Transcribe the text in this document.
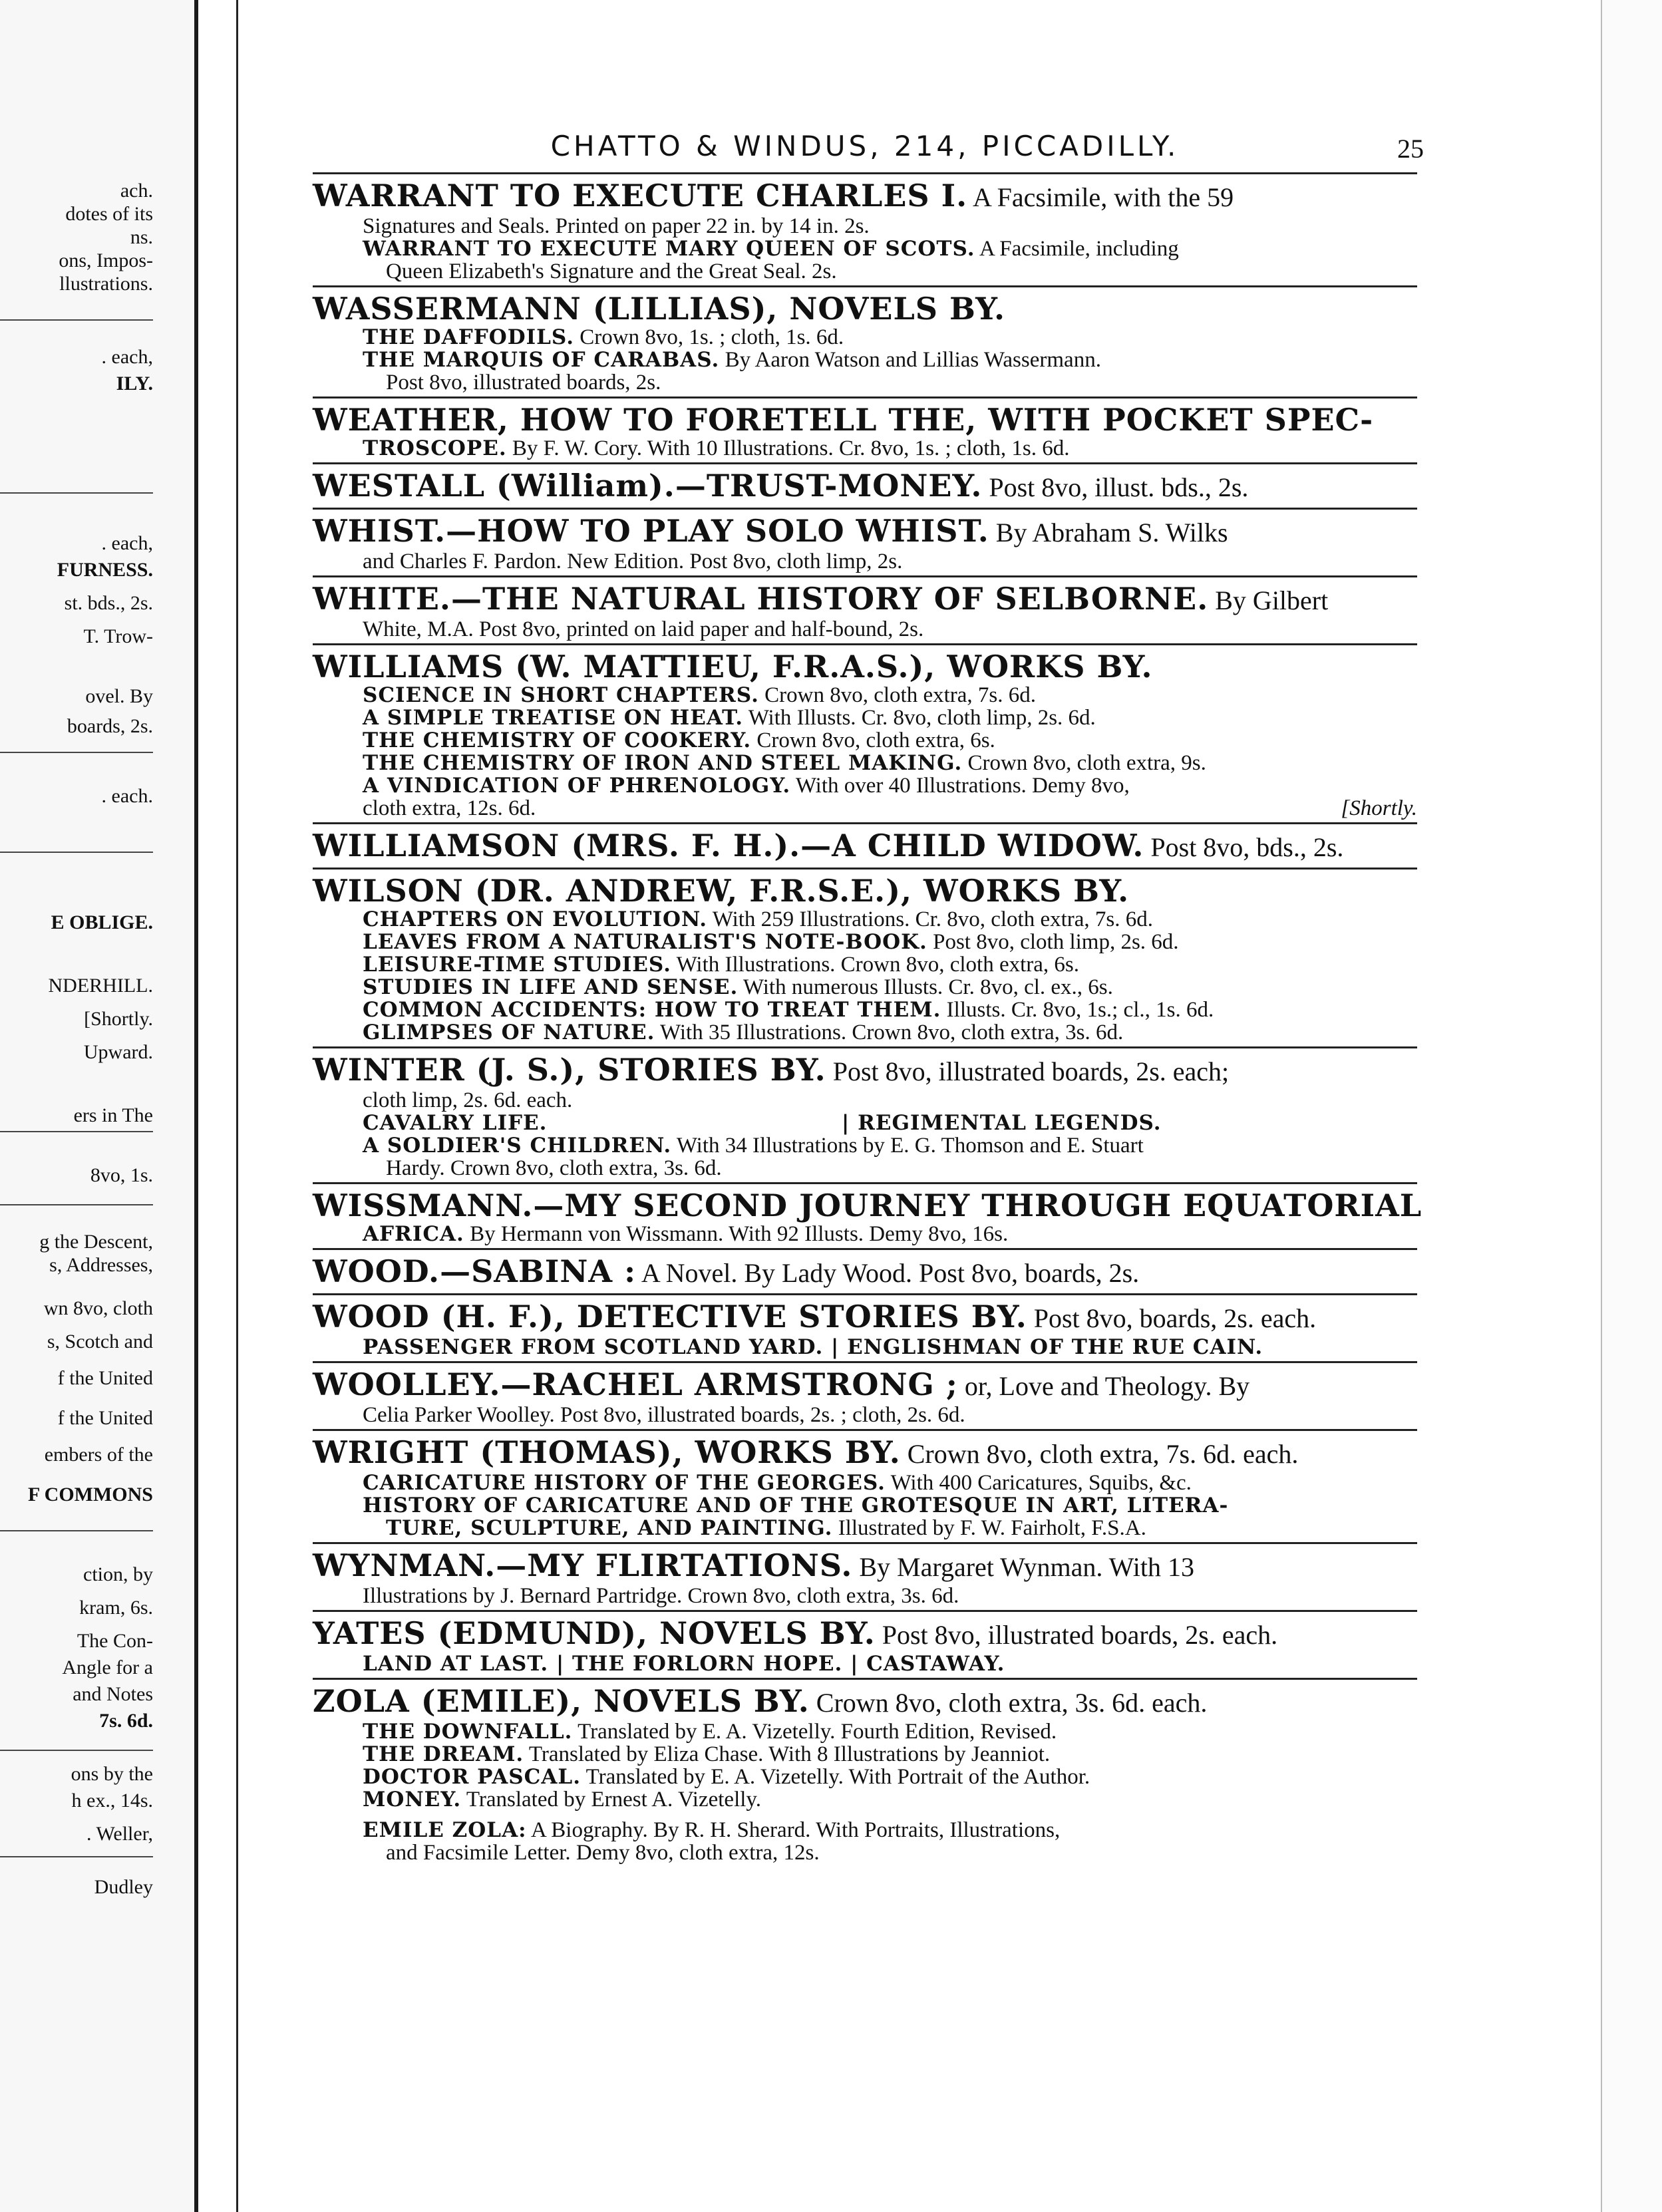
ach.
dotes of its
ns.
ons, Impos-
llustrations.
. each,
ILY.
. each,
FURNESS.
st. bds., 2s.
T. Trow-
ovel. By
boards, 2s.
. each.
E OBLIGE.
NDERHILL.
[Shortly.
Upward.
ers in The
8vo, 1s.
g the Descent,
s, Addresses,
wn 8vo, cloth
s, Scotch and
f the United
f the United
embers of the
F COMMONS
ction, by
kram, 6s.
The Con-
Angle for a
and Notes
7s. 6d.
ons by the
h ex., 14s.
. Weller,
Dudley
CHATTO & WINDUS, 214, PICCADILLY.	25
WARRANT TO EXECUTE CHARLES I. A Facsimile, with the 59
Signatures and Seals. Printed on paper 22 in. by 14 in. 2s.
WARRANT TO EXECUTE MARY QUEEN OF SCOTS. A Facsimile, including
Queen Elizabeth's Signature and the Great Seal. 2s.
WASSERMANN (LILLIAS), NOVELS BY.
THE DAFFODILS. Crown 8vo, 1s. ; cloth, 1s. 6d.
THE MARQUIS OF CARABAS. By Aaron Watson and Lillias Wassermann.
Post 8vo, illustrated boards, 2s.
WEATHER, HOW TO FORETELL THE, WITH POCKET SPEC-
TROSCOPE. By F. W. Cory. With 10 Illustrations. Cr. 8vo, 1s. ; cloth, 1s. 6d.
WESTALL (William).—TRUST-MONEY. Post 8vo, illust. bds., 2s.
WHIST.—HOW TO PLAY SOLO WHIST. By Abraham S. Wilks
and Charles F. Pardon. New Edition. Post 8vo, cloth limp, 2s.
WHITE.—THE NATURAL HISTORY OF SELBORNE. By Gilbert
White, M.A. Post 8vo, printed on laid paper and half-bound, 2s.
WILLIAMS (W. MATTIEU, F.R.A.S.), WORKS BY.
SCIENCE IN SHORT CHAPTERS. Crown 8vo, cloth extra, 7s. 6d.
A SIMPLE TREATISE ON HEAT. With Illusts. Cr. 8vo, cloth limp, 2s. 6d.
THE CHEMISTRY OF COOKERY. Crown 8vo, cloth extra, 6s.
THE CHEMISTRY OF IRON AND STEEL MAKING. Crown 8vo, cloth extra, 9s.
A VINDICATION OF PHRENOLOGY. With over 40 Illustrations. Demy 8vo,
cloth extra, 12s. 6d.	[Shortly.
WILLIAMSON (MRS. F. H.).—A CHILD WIDOW. Post 8vo, bds., 2s.
WILSON (DR. ANDREW, F.R.S.E.), WORKS BY.
CHAPTERS ON EVOLUTION. With 259 Illustrations. Cr. 8vo, cloth extra, 7s. 6d.
LEAVES FROM A NATURALIST'S NOTE-BOOK. Post 8vo, cloth limp, 2s. 6d.
LEISURE-TIME STUDIES. With Illustrations. Crown 8vo, cloth extra, 6s.
STUDIES IN LIFE AND SENSE. With numerous Illusts. Cr. 8vo, cl. ex., 6s.
COMMON ACCIDENTS: HOW TO TREAT THEM. Illusts. Cr. 8vo, 1s.; cl., 1s. 6d.
GLIMPSES OF NATURE. With 35 Illustrations. Crown 8vo, cloth extra, 3s. 6d.
WINTER (J. S.), STORIES BY. Post 8vo, illustrated boards, 2s. each;
cloth limp, 2s. 6d. each.
CAVALRY LIFE.	| REGIMENTAL LEGENDS.
A SOLDIER'S CHILDREN. With 34 Illustrations by E. G. Thomson and E. Stuart
Hardy. Crown 8vo, cloth extra, 3s. 6d.
WISSMANN.—MY SECOND JOURNEY THROUGH EQUATORIAL
AFRICA. By Hermann von Wissmann. With 92 Illusts. Demy 8vo, 16s.
WOOD.—SABINA : A Novel. By Lady Wood. Post 8vo, boards, 2s.
WOOD (H. F.), DETECTIVE STORIES BY. Post 8vo, boards, 2s. each.
PASSENGER FROM SCOTLAND YARD. | ENGLISHMAN OF THE RUE CAIN.
WOOLLEY.—RACHEL ARMSTRONG ; or, Love and Theology. By
Celia Parker Woolley. Post 8vo, illustrated boards, 2s. ; cloth, 2s. 6d.
WRIGHT (THOMAS), WORKS BY. Crown 8vo, cloth extra, 7s. 6d. each.
CARICATURE HISTORY OF THE GEORGES. With 400 Caricatures, Squibs, &c.
HISTORY OF CARICATURE AND OF THE GROTESQUE IN ART, LITERA-
TURE, SCULPTURE, AND PAINTING. Illustrated by F. W. Fairholt, F.S.A.
WYNMAN.—MY FLIRTATIONS. By Margaret Wynman. With 13
Illustrations by J. Bernard Partridge. Crown 8vo, cloth extra, 3s. 6d.
YATES (EDMUND), NOVELS BY. Post 8vo, illustrated boards, 2s. each.
LAND AT LAST. | THE FORLORN HOPE. | CASTAWAY.
ZOLA (EMILE), NOVELS BY. Crown 8vo, cloth extra, 3s. 6d. each.
THE DOWNFALL. Translated by E. A. Vizetelly. Fourth Edition, Revised.
THE DREAM. Translated by Eliza Chase. With 8 Illustrations by Jeanniot.
DOCTOR PASCAL. Translated by E. A. Vizetelly. With Portrait of the Author.
MONEY. Translated by Ernest A. Vizetelly.
EMILE ZOLA: A Biography. By R. H. Sherard. With Portraits, Illustrations,
and Facsimile Letter. Demy 8vo, cloth extra, 12s.
